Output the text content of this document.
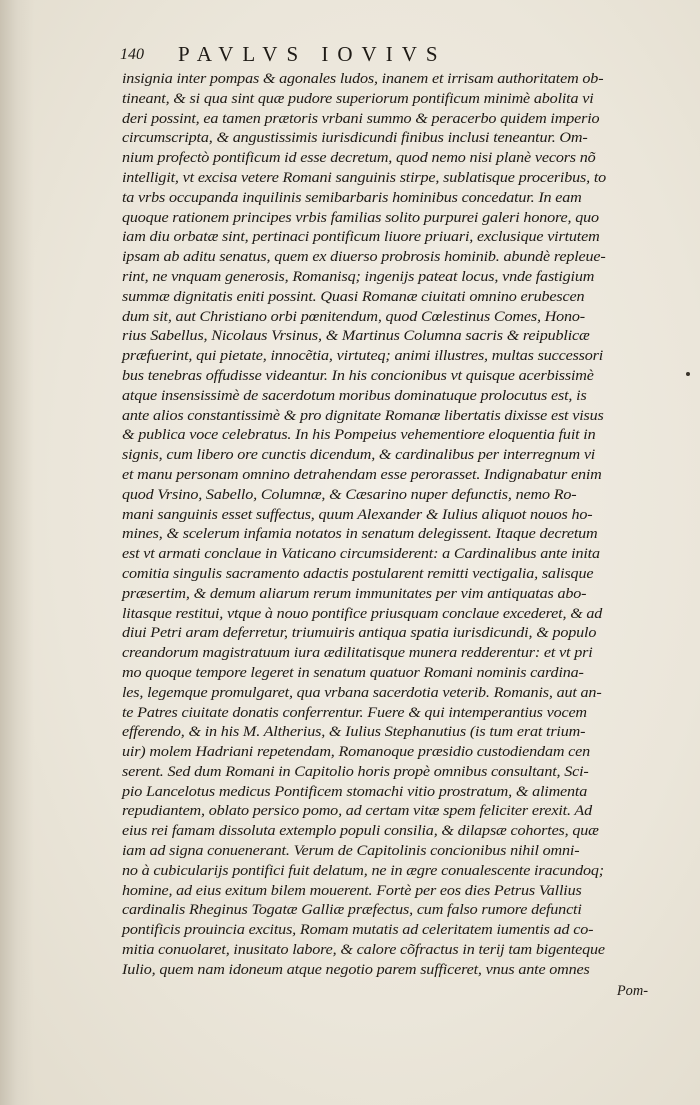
140 PAVLVS IOVIVS
insignia inter pompas & agonales ludos, inanem et irrisam authoritatem ob-
tineant, & si qua sint quæ pudore superiorum pontificum minimè abolita vi
deri possint, ea tamen prætoris vrbani summo & peracerbo quidem imperio
circumscripta, & angustissimis iurisdicundi finibus inclusi teneantur. Om-
nium profectò pontificum id esse decretum, quod nemo nisi planè vecors nõ
intelligit, vt excisa vetere Romani sanguinis stirpe, sublatisque proceribus, to
ta vrbs occupanda inquilinis semibarbaris hominibus concedatur. In eam
quoque rationem principes vrbis familias solito purpurei galeri honore, quo
iam diu orbatæ sint, pertinaci pontificum liuore priuari, exclusique virtutem
ipsam ab aditu senatus, quem ex diuerso probrosis hominib. abundè repleue-
rint, ne vnquam generosis, Romanisq; ingenijs pateat locus, vnde fastigium
summæ dignitatis eniti possint. Quasi Romanæ ciuitati omnino erubescen
dum sit, aut Christiano orbi pœnitendum, quod Cœlestinus Comes, Hono-
rius Sabellus, Nicolaus Vrsinus, & Martinus Columna sacris & reipublicæ
præfuerint, qui pietate, innocẽtia, virtuteq; animi illustres, multas successori
bus tenebras offudisse videantur. In his concionibus vt quisque acerbissimè
atque insensissimè de sacerdotum moribus dominatuque prolocutus est, is
ante alios constantissimè & pro dignitate Romanæ libertatis dixisse est visus
& publica voce celebratus. In his Pompeius vehementiore eloquentia fuit in
signis, cum libero ore cunctis dicendum, & cardinalibus per interregnum vi
et manu personam omnino detrahendam esse perorasset. Indignabatur enim
quod Vrsino, Sabello, Columnæ, & Cæsarino nuper defunctis, nemo Ro-
mani sanguinis esset suffectus, quum Alexander & Iulius aliquot nouos ho-
mines, & scelerum infamia notatos in senatum delegissent. Itaque decretum
est vt armati conclaue in Vaticano circumsiderent: a Cardinalibus ante inita
comitia singulis sacramento adactis postularent remitti vectigalia, salisque
præsertim, & demum aliarum rerum immunitates per vim antiquatas abo-
litasque restitui, vtque à nouo pontifice priusquam conclaue excederet, & ad
diui Petri aram deferretur, triumuiris antiqua spatia iurisdicundi, & populo
creandorum magistratuum iura ædilitatisque munera redderentur: et vt pri
mo quoque tempore legeret in senatum quatuor Romani nominis cardina-
les, legemque promulgaret, qua vrbana sacerdotia veterib. Romanis, aut an-
te Patres ciuitate donatis conferrentur. Fuere & qui intemperantius vocem
efferendo, & in his M. Altherius, & Iulius Stephanutius (is tum erat trium-
uir) molem Hadriani repetendam, Romanoque præsidio custodiendam cen
serent. Sed dum Romani in Capitolio horis propè omnibus consultant, Sci-
pio Lancelotus medicus Pontificem stomachi vitio prostratum, & alimenta
repudiantem, oblato persico pomo, ad certam vitæ spem feliciter erexit. Ad
eius rei famam dissoluta extemplo populi consilia, & dilapsæ cohortes, quæ
iam ad signa conuenerant. Verum de Capitolinis concionibus nihil omni-
no à cubicularijs pontifici fuit delatum, ne in ægre conualescente iracundoq;
homine, ad eius exitum bilem mouerent. Fortè per eos dies Petrus Vallius
cardinalis Rheginus Togatæ Galliæ præfectus, cum falso rumore defuncti
pontificis prouincia excitus, Romam mutatis ad celeritatem iumentis ad co-
mitia conuolaret, inusitato labore, & calore cõfractus in terij tam bigenteque
Iulio, quem nam idoneum atque negotio parem sufficeret, vnus ante omnes
Pom-
